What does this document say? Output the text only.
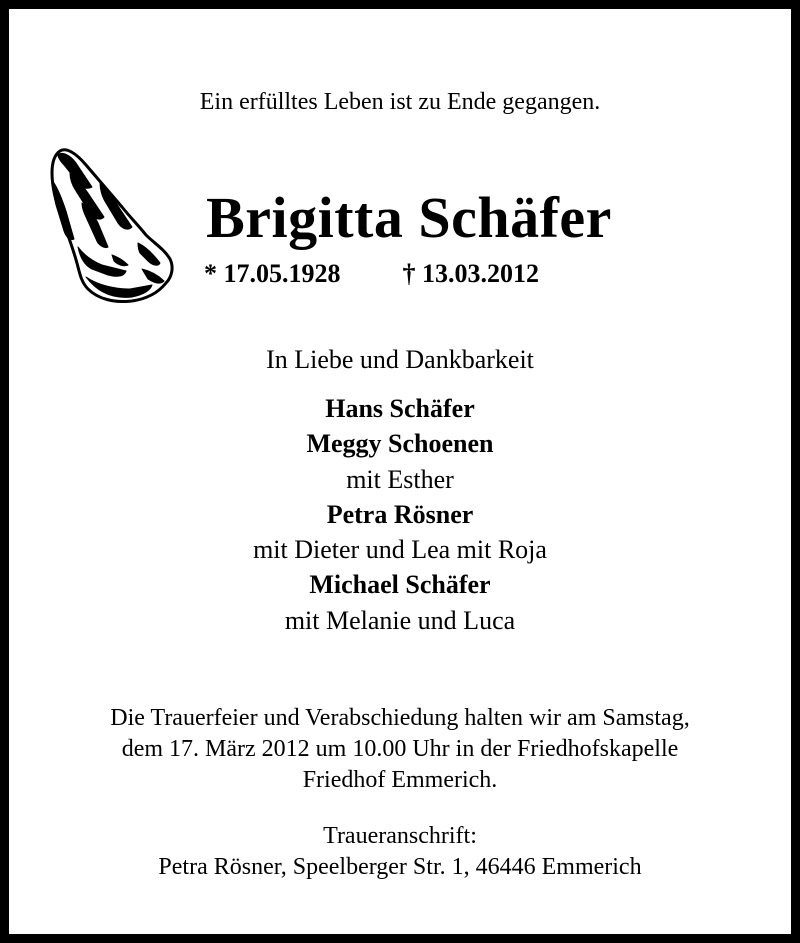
Ein erfülltes Leben ist zu Ende gegangen.
Brigitta Schäfer
* 17.05.1928 † 13.03.2012
In Liebe und Dankbarkeit
Hans Schäfer
Meggy Schoenen
mit Esther
Petra Rösner
mit Dieter und Lea mit Roja
Michael Schäfer
mit Melanie und Luca
Die Trauerfeier und Verabschiedung halten wir am Samstag,
dem 17. März 2012 um 10.00 Uhr in der Friedhofskapelle
Friedhof Emmerich.
Traueranschrift:
Petra Rösner, Speelberger Str. 1, 46446 Emmerich
